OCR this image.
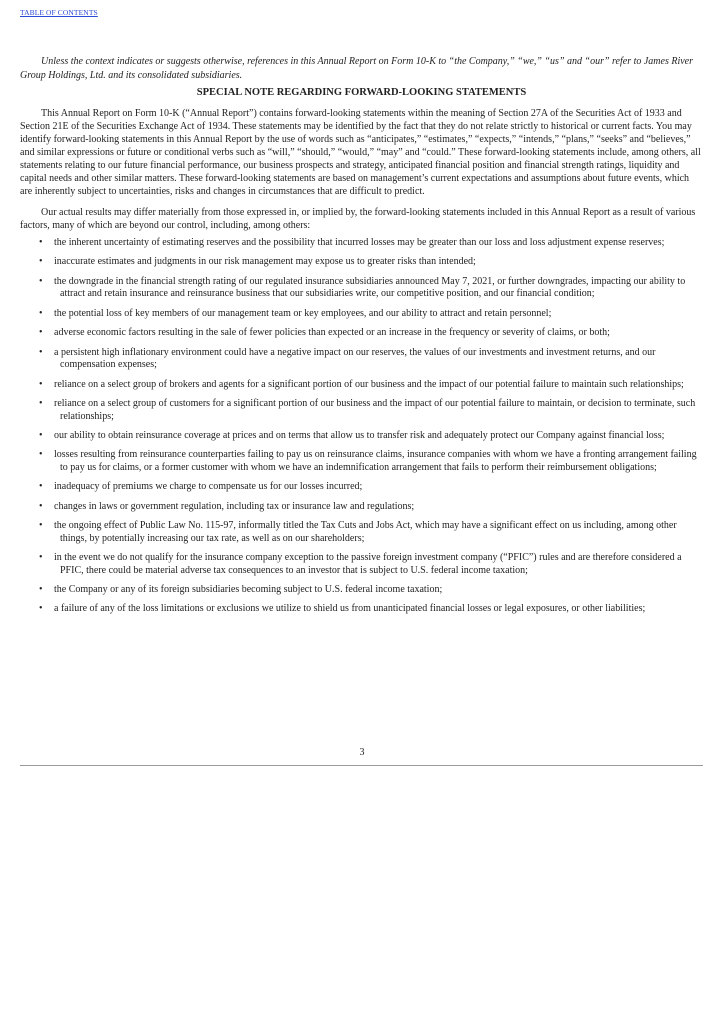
TABLE OF CONTENTS

Unless the context indicates or suggests otherwise, references in this Annual Report on Form 10-K to “the Company,” “we,” “us” and “our” refer to James River Group Holdings, Ltd. and its consolidated subsidiaries.

SPECIAL NOTE REGARDING FORWARD-LOOKING STATEMENTS

This Annual Report on Form 10-K (“Annual Report”) contains forward-looking statements within the meaning of Section 27A of the Securities Act of 1933 and Section 21E of the Securities Exchange Act of 1934. These statements may be identified by the fact that they do not relate strictly to historical or current facts. You may identify forward-looking statements in this Annual Report by the use of words such as “anticipates,” “estimates,” “expects,” “intends,” “plans,” “seeks” and “believes,” and similar expressions or future or conditional verbs such as “will,” “should,” “would,” “may” and “could.” These forward-looking statements include, among others, all statements relating to our future financial performance, our business prospects and strategy, anticipated financial position and financial strength ratings, liquidity and capital needs and other similar matters. These forward-looking statements are based on management’s current expectations and assumptions about future events, which are inherently subject to uncertainties, risks and changes in circumstances that are difficult to predict.

Our actual results may differ materially from those expressed in, or implied by, the forward-looking statements included in this Annual Report as a result of various factors, many of which are beyond our control, including, among others:

• the inherent uncertainty of estimating reserves and the possibility that incurred losses may be greater than our loss and loss adjustment expense reserves;
• inaccurate estimates and judgments in our risk management may expose us to greater risks than intended;
• the downgrade in the financial strength rating of our regulated insurance subsidiaries announced May 7, 2021, or further downgrades, impacting our ability to attract and retain insurance and reinsurance business that our subsidiaries write, our competitive position, and our financial condition;
• the potential loss of key members of our management team or key employees, and our ability to attract and retain personnel;
• adverse economic factors resulting in the sale of fewer policies than expected or an increase in the frequency or severity of claims, or both;
• a persistent high inflationary environment could have a negative impact on our reserves, the values of our investments and investment returns, and our compensation expenses;
• reliance on a select group of brokers and agents for a significant portion of our business and the impact of our potential failure to maintain such relationships;
• reliance on a select group of customers for a significant portion of our business and the impact of our potential failure to maintain, or decision to terminate, such relationships;
• our ability to obtain reinsurance coverage at prices and on terms that allow us to transfer risk and adequately protect our Company against financial loss;
• losses resulting from reinsurance counterparties failing to pay us on reinsurance claims, insurance companies with whom we have a fronting arrangement failing to pay us for claims, or a former customer with whom we have an indemnification arrangement that fails to perform their reimbursement obligations;
• inadequacy of premiums we charge to compensate us for our losses incurred;
• changes in laws or government regulation, including tax or insurance law and regulations;
• the ongoing effect of Public Law No. 115-97, informally titled the Tax Cuts and Jobs Act, which may have a significant effect on us including, among other things, by potentially increasing our tax rate, as well as on our shareholders;
• in the event we do not qualify for the insurance company exception to the passive foreign investment company (“PFIC”) rules and are therefore considered a PFIC, there could be material adverse tax consequences to an investor that is subject to U.S. federal income taxation;
• the Company or any of its foreign subsidiaries becoming subject to U.S. federal income taxation;
• a failure of any of the loss limitations or exclusions we utilize to shield us from unanticipated financial losses or legal exposures, or other liabilities;
3
